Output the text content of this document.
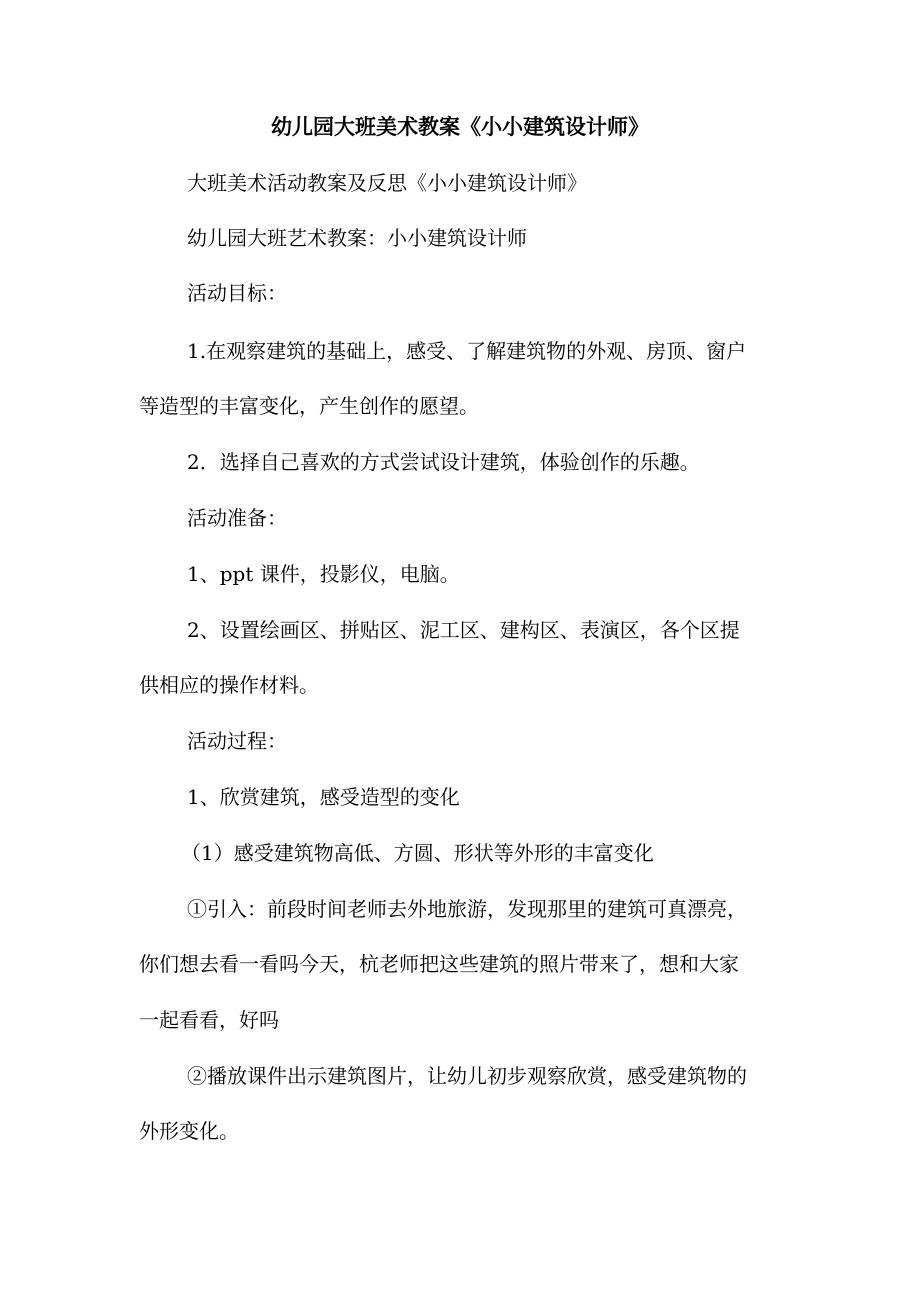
幼儿园大班美术教案《小小建筑设计师》
大班美术活动教案及反思《小小建筑设计师》
幼儿园大班艺术教案：小小建筑设计师
活动目标：
1.在观察建筑的基础上，感受、了解建筑物的外观、房顶、窗户
等造型的丰富变化，产生创作的愿望。
2．选择自己喜欢的方式尝试设计建筑，体验创作的乐趣。
活动准备：
1、ppt 课件，投影仪，电脑。
2、设置绘画区、拼贴区、泥工区、建构区、表演区，各个区提
供相应的操作材料。
活动过程：
1、欣赏建筑，感受造型的变化
（1）感受建筑物高低、方圆、形状等外形的丰富变化
①引入：前段时间老师去外地旅游，发现那里的建筑可真漂亮，
你们想去看一看吗今天，杭老师把这些建筑的照片带来了，想和大家
一起看看，好吗
②播放课件出示建筑图片，让幼儿初步观察欣赏，感受建筑物的
外形变化。
